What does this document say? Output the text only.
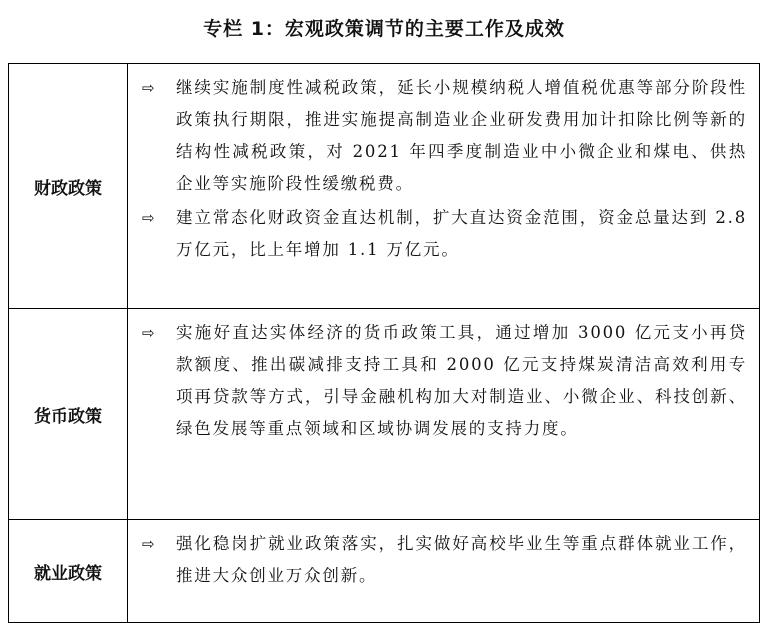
专栏 1：宏观政策调节的主要工作及成效
财政政策	⇨ 继续实施制度性减税政策，延长小规模纳税人增值税优惠等部分阶段性政策执行期限，推进实施提高制造业企业研发费用加计扣除比例等新的结构性减税政策，对 2021 年四季度制造业中小微企业和煤电、供热企业等实施阶段性缓缴税费。
⇨ 建立常态化财政资金直达机制，扩大直达资金范围，资金总量达到 2.8 万亿元，比上年增加 1.1 万亿元。

货币政策	⇨ 实施好直达实体经济的货币政策工具，通过增加 3000 亿元支小再贷款额度、推出碳减排支持工具和 2000 亿元支持煤炭清洁高效利用专项再贷款等方式，引导金融机构加大对制造业、小微企业、科技创新、绿色发展等重点领域和区域协调发展的支持力度。

就业政策	⇨ 强化稳岗扩就业政策落实，扎实做好高校毕业生等重点群体就业工作，推进大众创业万众创新。
